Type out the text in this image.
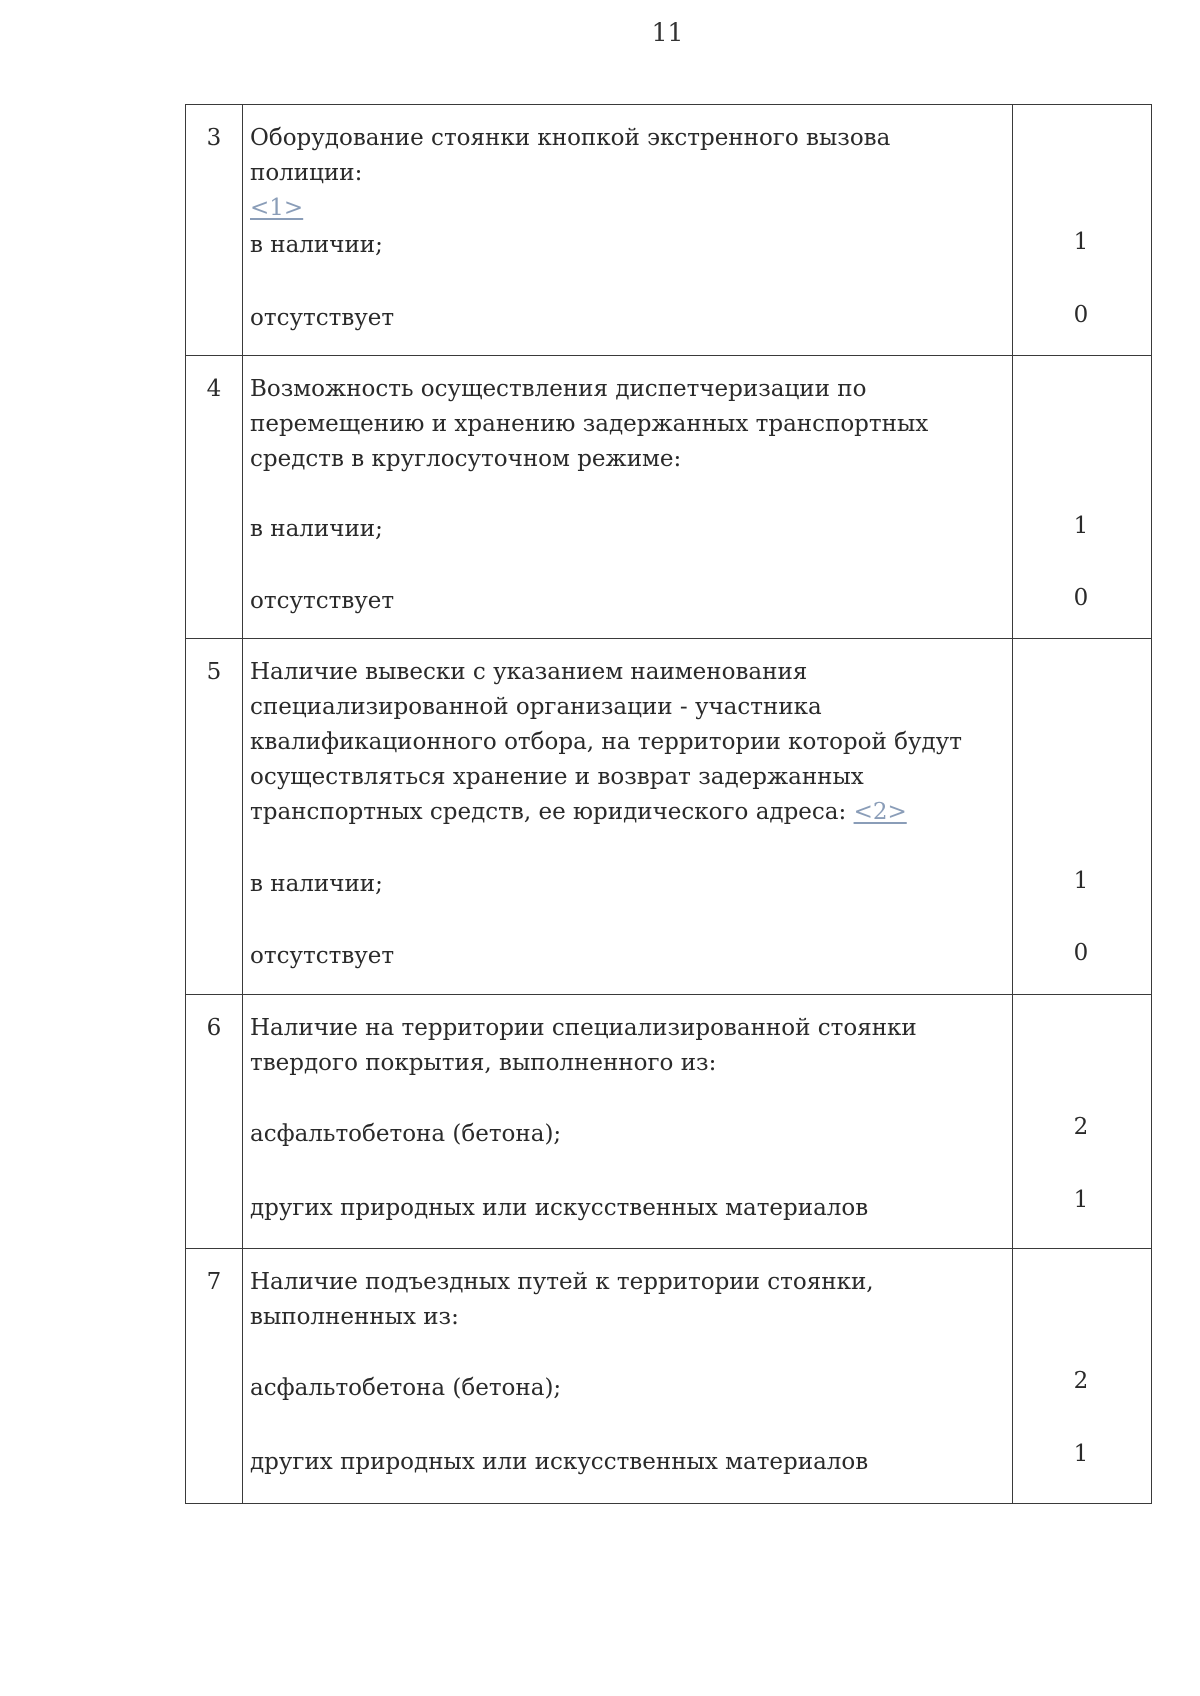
11
3	Оборудование стоянки кнопкой экстренного вызова полиции:
<1>
в наличии;	1
отсутствует	0
4	Возможность осуществления диспетчеризации по
перемещению и хранению задержанных транспортных
средств в круглосуточном режиме:
в наличии;	1
отсутствует	0
5	Наличие вывески с указанием наименования
специализированной организации - участника
квалификационного отбора, на территории которой будут
осуществляться хранение и возврат задержанных
транспортных средств, ее юридического адреса: <2>
в наличии;	1
отсутствует	0
6	Наличие на территории специализированной стоянки
твердого покрытия, выполненного из:
асфальтобетона (бетона);	2
других природных или искусственных материалов	1
7	Наличие подъездных путей к территории стоянки,
выполненных из:
асфальтобетона (бетона);	2
других природных или искусственных материалов	1
